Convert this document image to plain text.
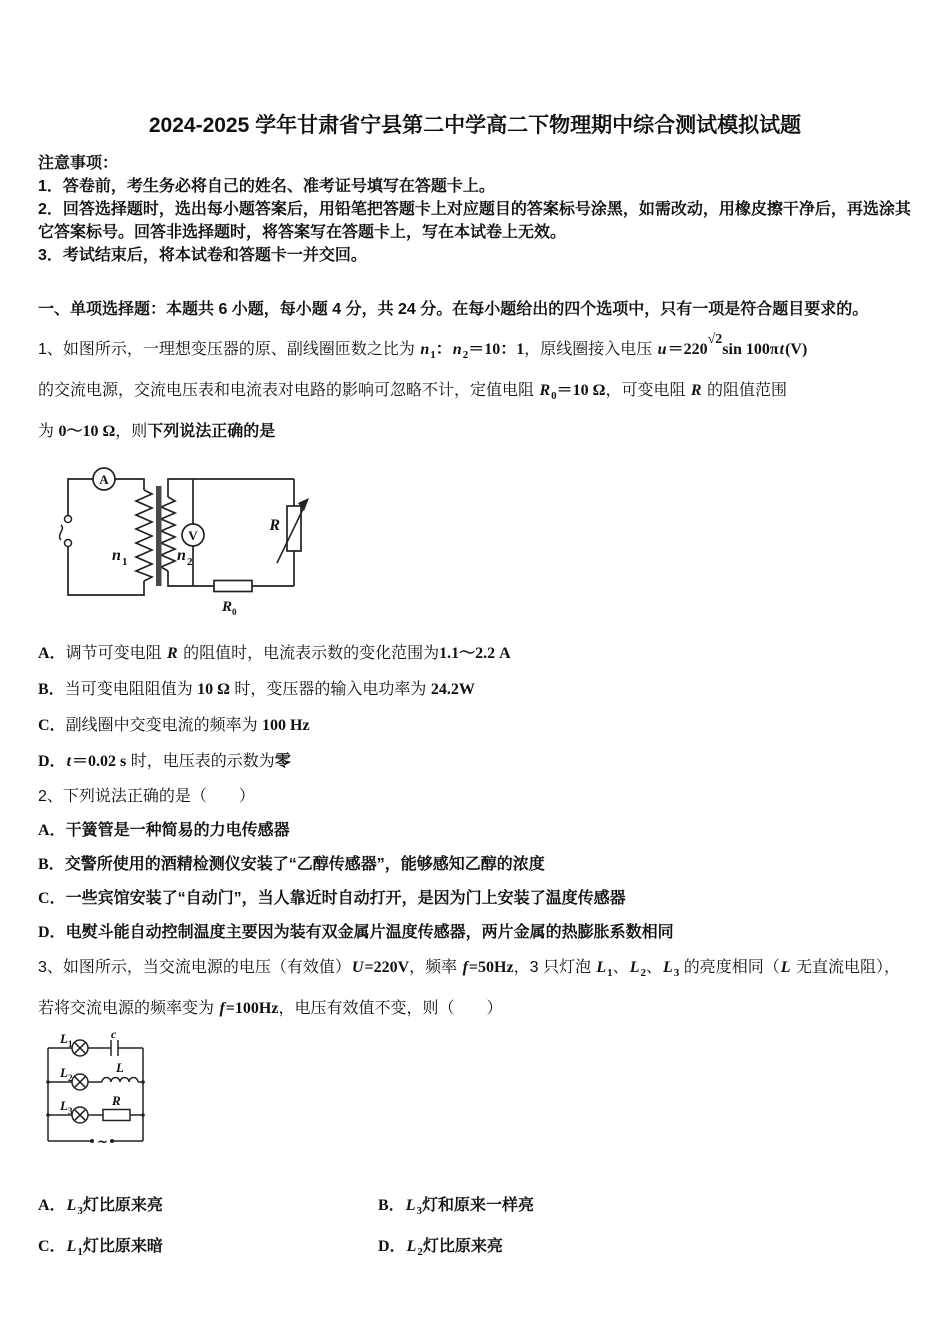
2024-2025 学年甘肃省宁县第二中学高二下物理期中综合测试模拟试题

注意事项：

1．答卷前，考生务必将自己的姓名、准考证号填写在答题卡上。

2．回答选择题时，选出每小题答案后，用铅笔把答题卡上对应题目的答案标号涂黑，如需改动，用橡皮擦干净后，再选涂其它答案标号。回答非选择题时，将答案写在答题卡上，写在本试卷上无效。

3．考试结束后，将本试卷和答题卡一并交回。

一、单项选择题：本题共 6 小题，每小题 4 分，共 24 分。在每小题给出的四个选项中，只有一项是符合题目要求的。

1、如图所示，一理想变压器的原、副线圈匝数之比为 $n_1$：$n_2=10$：1，原线圈接入电压 u＝220√2sin 100πt(V)

的交流电源，交流电压表和电流表对电路的影响可忽略不计，定值电阻 $R_0=10$ Ω，可变电阻 R 的阻值范围

为 0～10 Ω，则下列说法正确的是

A
V
n 1	n 2
R
R 0

A．调节可变电阻 R 的阻值时，电流表示数的变化范围为1.1～2.2 A

B．当可变电阻阻值为 10 Ω 时，变压器的输入电功率为 24.2W

C．副线圈中交变电流的频率为 100 Hz

D．t＝0.02 s 时，电压表的示数为零

2、下列说法正确的是（　　）

A．干簧管是一种简易的力电传感器

B．交警所使用的酒精检测仪安装了“乙醇传感器”，能够感知乙醇的浓度

C．一些宾馆安装了“自动门”，当人靠近时自动打开，是因为门上安装了温度传感器

D．电熨斗能自动控制温度主要因为装有双金属片温度传感器，两片金属的热膨胀系数相同

3、如图所示，当交流电源的电压（有效值）U=220V，频率 f=50Hz，3 只灯泡 $L_1$、$L_2$、$L_3$ 的亮度相同（L 无直流电阻），

若将交流电源的频率变为 f=100Hz，电压有效值不变，则（　　）

~
L 1
L 2
L 3
c
L
R

A．$L_3$灯比原来亮	B．$L_3$灯和原来一样亮

C．$L_1$灯比原来暗	D．$L_2$灯比原来亮
